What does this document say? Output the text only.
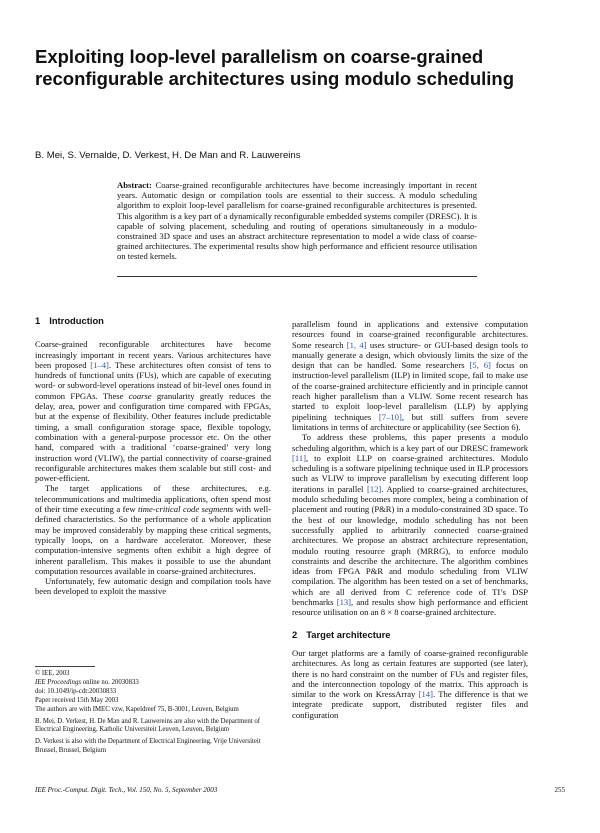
Exploiting loop-level parallelism on coarse-grained reconfigurable architectures using modulo scheduling
B. Mei, S. Vernalde, D. Verkest, H. De Man and R. Lauwereins

Abstract: Coarse-grained reconfigurable architectures have become increasingly important in recent years. Automatic design or compilation tools are essential to their success. A modulo scheduling algorithm to exploit loop-level parallelism for coarse-grained reconfigurable architectures is presented. This algorithm is a key part of a dynamically reconfigurable embedded systems compiler (DRESC). It is capable of solving placement, scheduling and routing of operations simultaneously in a modulo-constrained 3D space and uses an abstract architecture representation to model a wide class of coarse-grained architectures. The experimental results show high performance and efficient resource utilisation on tested kernels.

1 Introduction

Coarse-grained reconfigurable architectures have become increasingly important in recent years. Various architectures have been proposed [1–4]. These architectures often consist of tens to hundreds of functional units (FUs), which are capable of executing word- or subword-level operations instead of bit-level ones found in common FPGAs. These coarse granularity greatly reduces the delay, area, power and configuration time compared with FPGAs, but at the expense of flexibility. Other features include predictable timing, a small configuration storage space, flexible topology, combination with a general-purpose processor etc. On the other hand, compared with a traditional ‘coarse-grained’ very long instruction word (VLIW), the partial connectivity of coarse-grained reconfigurable architectures makes them scalable but still cost- and power-efficient.

The target applications of these architectures, e.g. telecommunications and multimedia applications, often spend most of their time executing a few time-critical code segments with well-defined characteristics. So the performance of a whole application may be improved considerably by mapping these critical segments, typically loops, on a hardware accelerator. Moreover, these computation-intensive segments often exhibit a high degree of inherent parallelism. This makes it possible to use the abundant computation resources available in coarse-grained architectures.

Unfortunately, few automatic design and compilation tools have been developed to exploit the massive

parallelism found in applications and extensive computation resources found in coarse-grained reconfigurable architectures. Some research [1, 4] uses structure- or GUI-based design tools to manually generate a design, which obviously limits the size of the design that can be handled. Some researchers [5, 6] focus on instruction-level parallelism (ILP) in limited scope, fail to make use of the coarse-grained architecture efficiently and in principle cannot reach higher parallelism than a VLIW. Some recent research has started to exploit loop-level parallelism (LLP) by applying pipelining techniques [7–10], but still suffers from severe limitations in terms of architecture or applicability (see Section 6).

To address these problems, this paper presents a modulo scheduling algorithm, which is a key part of our DRESC framework [11], to exploit LLP on coarse-grained architectures. Modulo scheduling is a software pipelining technique used in ILP processors such as VLIW to improve parallelism by executing different loop iterations in parallel [12]. Applied to coarse-grained architectures, modulo scheduling becomes more complex, being a combination of placement and routing (P&R) in a modulo-constrained 3D space. To the best of our knowledge, modulo scheduling has not been successfully applied to arbitrarily connected coarse-grained architectures. We propose an abstract architecture representation, modulo routing resource graph (MRRG), to enforce modulo constraints and describe the architecture. The algorithm combines ideas from FPGA P&R and modulo scheduling from VLIW compilation. The algorithm has been tested on a set of benchmarks, which are all derived from C reference code of TI’s DSP benchmarks [13], and results show high performance and efficient resource utilisation on an 8 × 8 coarse-grained architecture.

2 Target architecture

Our target platforms are a family of coarse-grained reconfigurable architectures. As long as certain features are supported (see later), there is no hard constraint on the number of FUs and register files, and the interconnection topology of the matrix. This approach is similar to the work on KressArray [14]. The difference is that we integrate predicate support, distributed register files and configuration

© IEE, 2003
IEE Proceedings online no. 20030833
doi: 10.1049/ip-cdt:20030833
Paper received 15th May 2003
The authors are with IMEC vzw, Kapeldreef 75, B-3001, Leuven, Belgium
B. Mei, D. Verkest, H. De Man and R. Lauwereins are also with the Department of Electrical Engineering, Katholic Universiteit Leuven, Leuven, Belgium
D. Verkest is also with the Department of Electrical Engineering, Vrije Universiteit Brussel, Brussel, Belgium
IEE Proc.-Comput. Digit. Tech., Vol. 150, No. 5, September 2003	255
